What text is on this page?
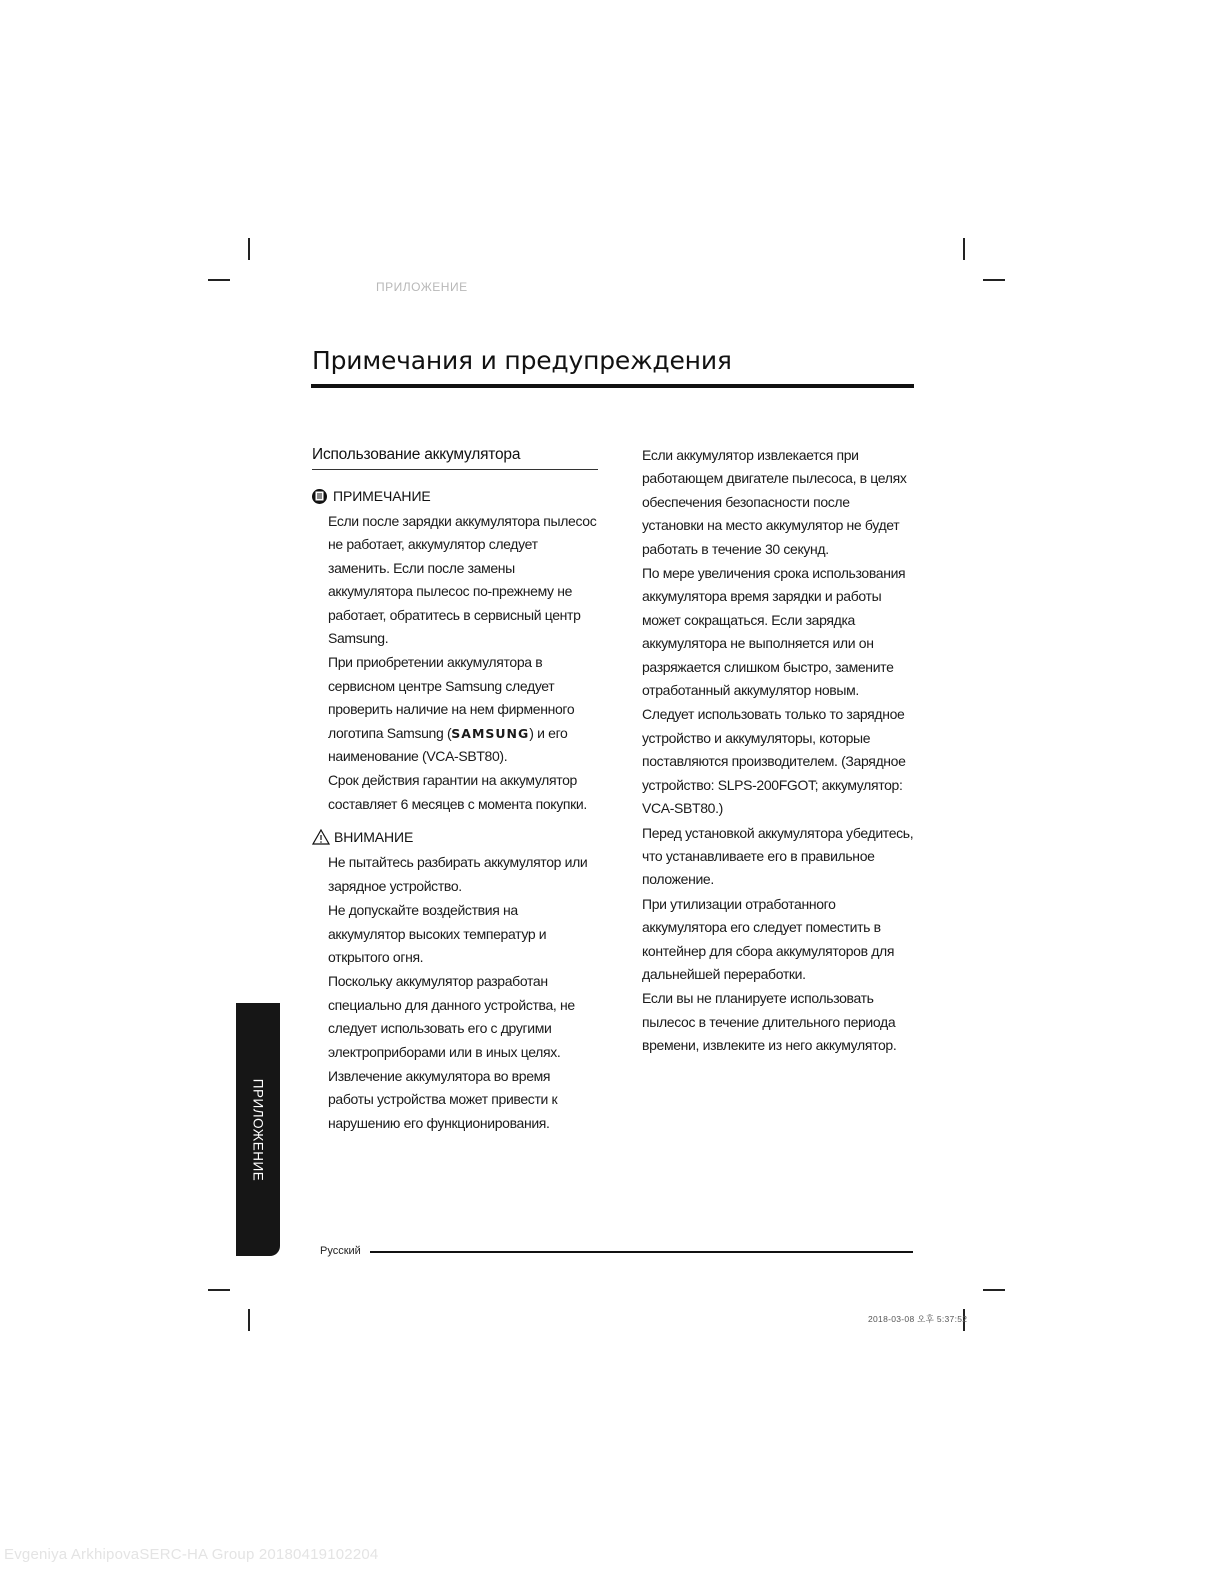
ПРИЛОЖЕНИЕ
Примечания и предупреждения
Использование аккумулятора
ПРИМЕЧАНИЕ

Если после зарядки аккумулятора пылесос не работает, аккумулятор следует заменить. Если после замены аккумулятора пылесос по-прежнему не работает, обратитесь в сервисный центр Samsung.

При приобретении аккумулятора в сервисном центре Samsung следует проверить наличие на нем фирменного логотипа Samsung (SAMSUNG) и его наименование (VCA-SBT80).

Срок действия гарантии на аккумулятор составляет 6 месяцев с момента покупки.

ВНИМАНИЕ

Не пытайтесь разбирать аккумулятор или зарядное устройство.

Не допускайте воздействия на аккумулятор высоких температур и открытого огня.

Поскольку аккумулятор разработан специально для данного устройства, не следует использовать его с другими электроприборами или в иных целях.

Извлечение аккумулятора во время работы устройства может привести к нарушению его функционирования.

Если аккумулятор извлекается при работающем двигателе пылесоса, в целях обеспечения безопасности после установки на место аккумулятор не будет работать в течение 30 секунд.

По мере увеличения срока использования аккумулятора время зарядки и работы может сокращаться. Если зарядка аккумулятора не выполняется или он разряжается слишком быстро, замените отработанный аккумулятор новым.

Следует использовать только то зарядное устройство и аккумуляторы, которые поставляются производителем. (Зарядное устройство: SLPS-200FGOT; аккумулятор: VCA-SBT80.)

Перед установкой аккумулятора убедитесь, что устанавливаете его в правильное положение.

При утилизации отработанного аккумулятора его следует поместить в контейнер для сбора аккумуляторов для дальнейшей переработки.

Если вы не планируете использовать пылесос в течение длительного периода времени, извлеките из него аккумулятор.

ПРИЛОЖЕНИЕ
Русский
2018-03-08 오후 5:37:52
Evgeniya ArkhipovaSERC-HA Group 20180419102204
